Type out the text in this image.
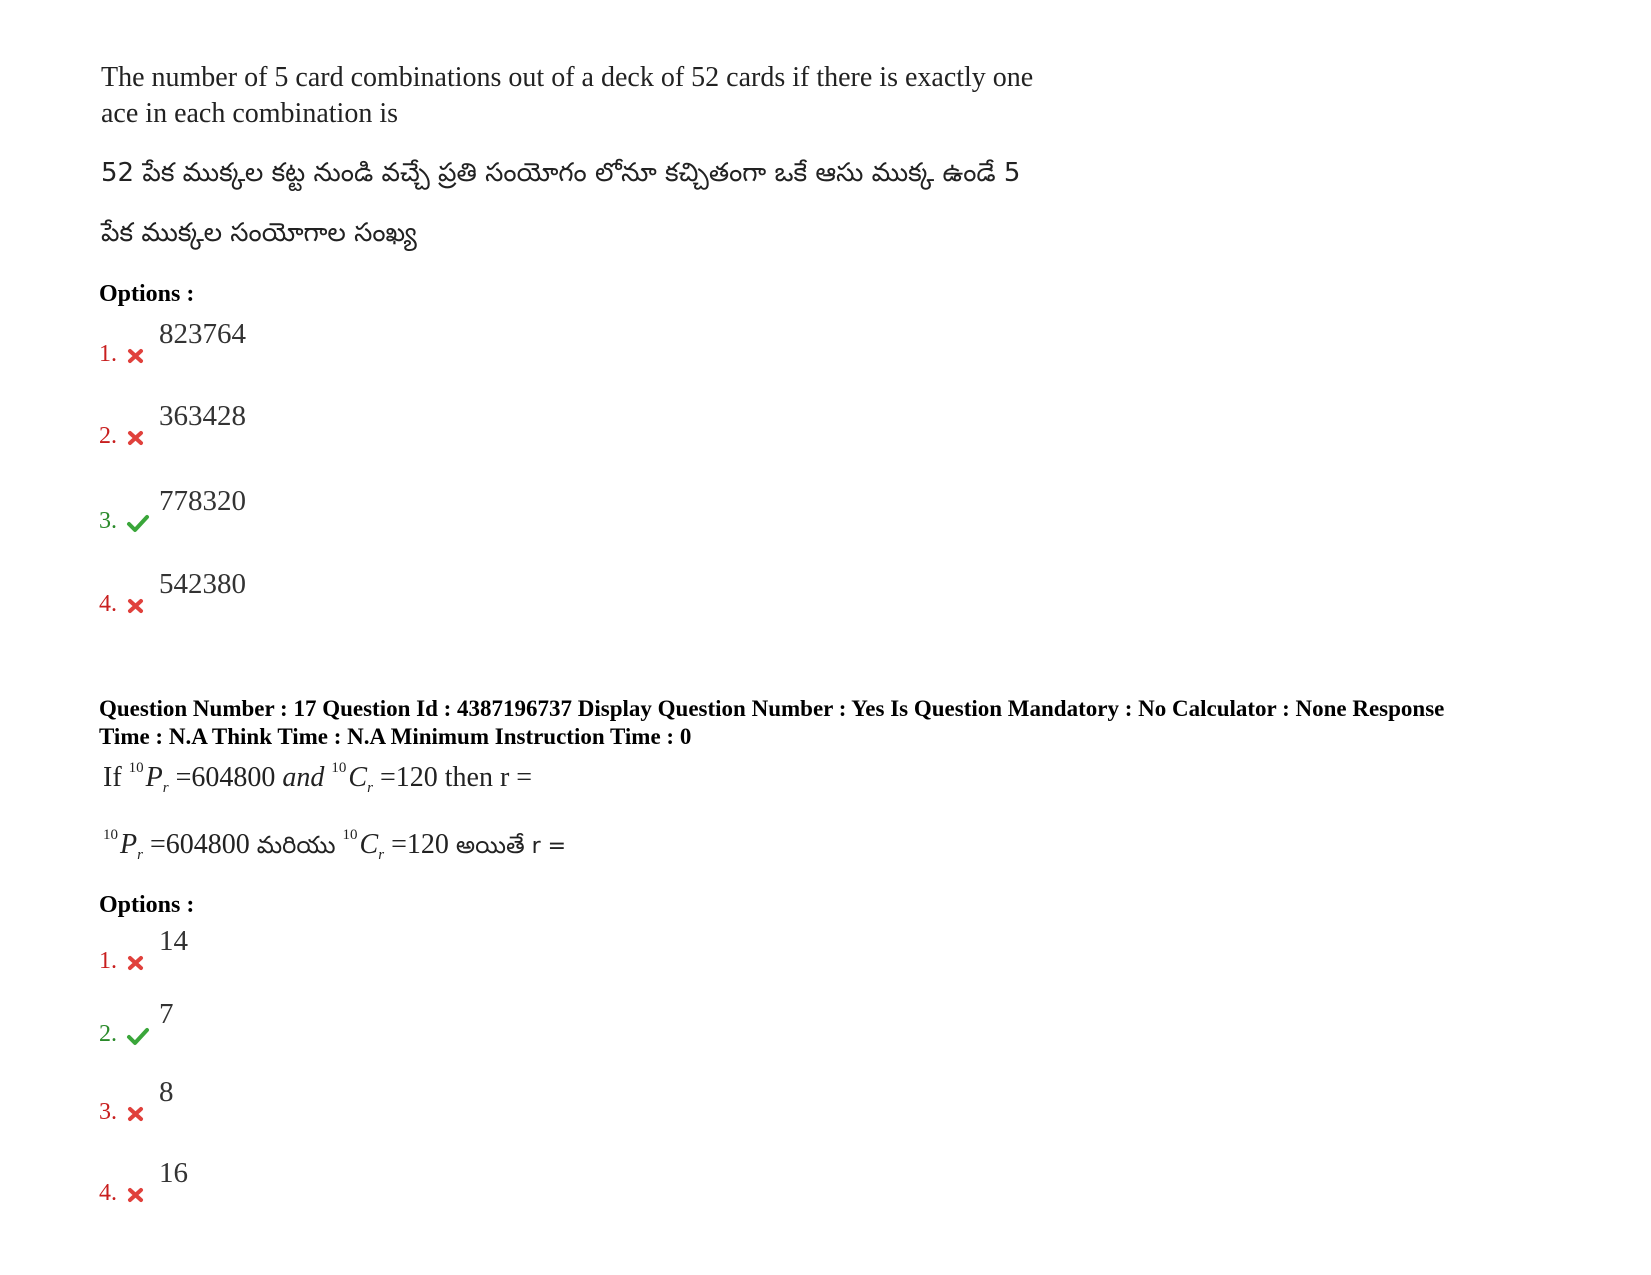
The number of 5 card combinations out of a deck of 52 cards if there is exactly one
ace in each combination is
52 పేక ముక్కల కట్ట నుండి వచ్చే ప్రతి సంయోగం లోనూ కచ్చితంగా ఒకే ఆసు ముక్క ఉండే 5
పేక ముక్కల సంయోగాల సంఖ్య
Options :
1.
823764
2.
363428
3.
778320
4.
542380
Question Number : 17 Question Id : 4387196737 Display Question Number : Yes Is Question Mandatory : No Calculator : None Response
Time : N.A Think Time : N.A Minimum Instruction Time : 0
If $^{10}P_r =604800$ and $^{10}C_r =120$ then r =
$^{10}P_r =604800$ మరియు $^{10}C_r =120$ అయితే r =
Options :
1.
14
2.
7
3.
8
4.
16
